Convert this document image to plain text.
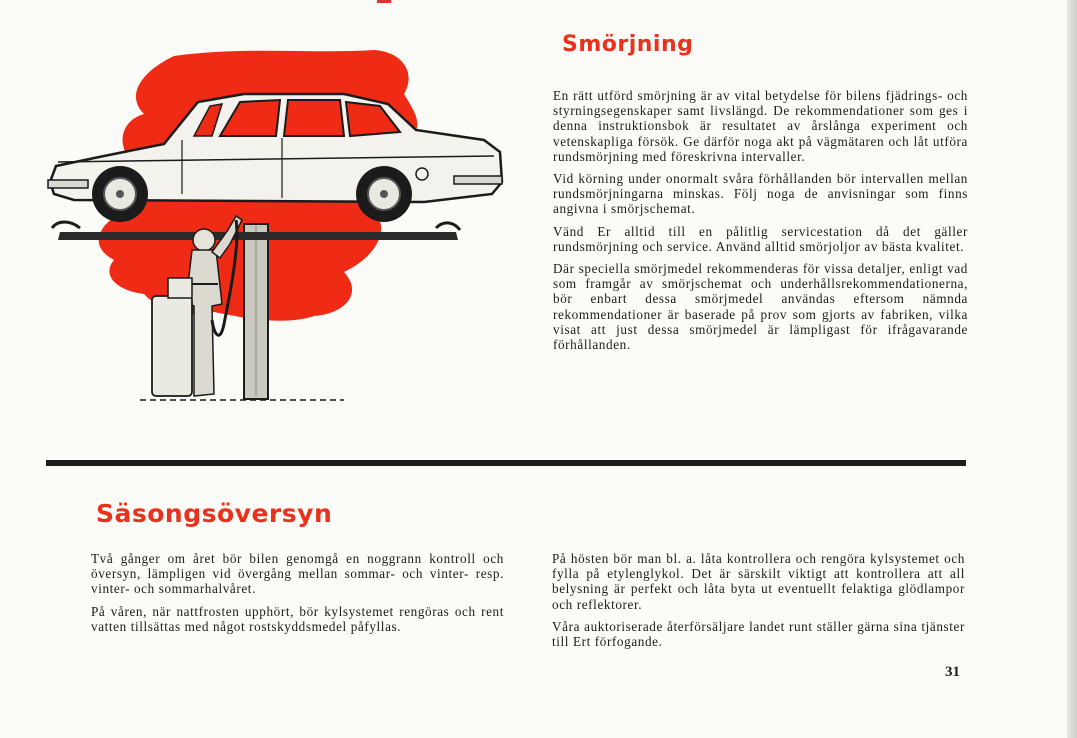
Smörjning

En rätt utförd smörjning är av vital betydelse för bilens fjädrings- och styrningsegenskaper samt livslängd. De rekommendationer som ges i denna instruktionsbok är resultatet av årslånga experiment och vetenskapliga försök. Ge därför noga akt på vägmätaren och låt utföra rundsmörjning med föreskrivna intervaller.

Vid körning under onormalt svåra förhållanden bör intervallen mellan rundsmörjningarna minskas. Följ noga de anvisningar som finns angivna i smörjschemat.

Vänd Er alltid till en pålitlig servicestation då det gäller rundsmörjning och service. Använd alltid smörjoljor av bästa kvalitet.

Där speciella smörjmedel rekommenderas för vissa detaljer, enligt vad som framgår av smörjschemat och underhållsrekommendationerna, bör enbart dessa smörjmedel användas eftersom nämnda rekommendationer är baserade på prov som gjorts av fabriken, vilka visat att just dessa smörjmedel är lämpligast för ifrågavarande förhållanden.

Säsongsöversyn

Två gånger om året bör bilen genomgå en noggrann kontroll och översyn, lämpligen vid övergång mellan sommar- och vinter- resp. vinter- och sommarhalvåret.

På våren, när nattfrosten upphört, bör kylsystemet rengöras och rent vatten tillsättas med något rostskyddsmedel påfyllas.

På hösten bör man bl. a. låta kontrollera och rengöra kylsystemet och fylla på etylenglykol. Det är särskilt viktigt att kontrollera att all belysning är perfekt och låta byta ut eventuellt felaktiga glödlampor och reflektorer.

Våra auktoriserade återförsäljare landet runt ställer gärna sina tjänster till Ert förfogande.

31
